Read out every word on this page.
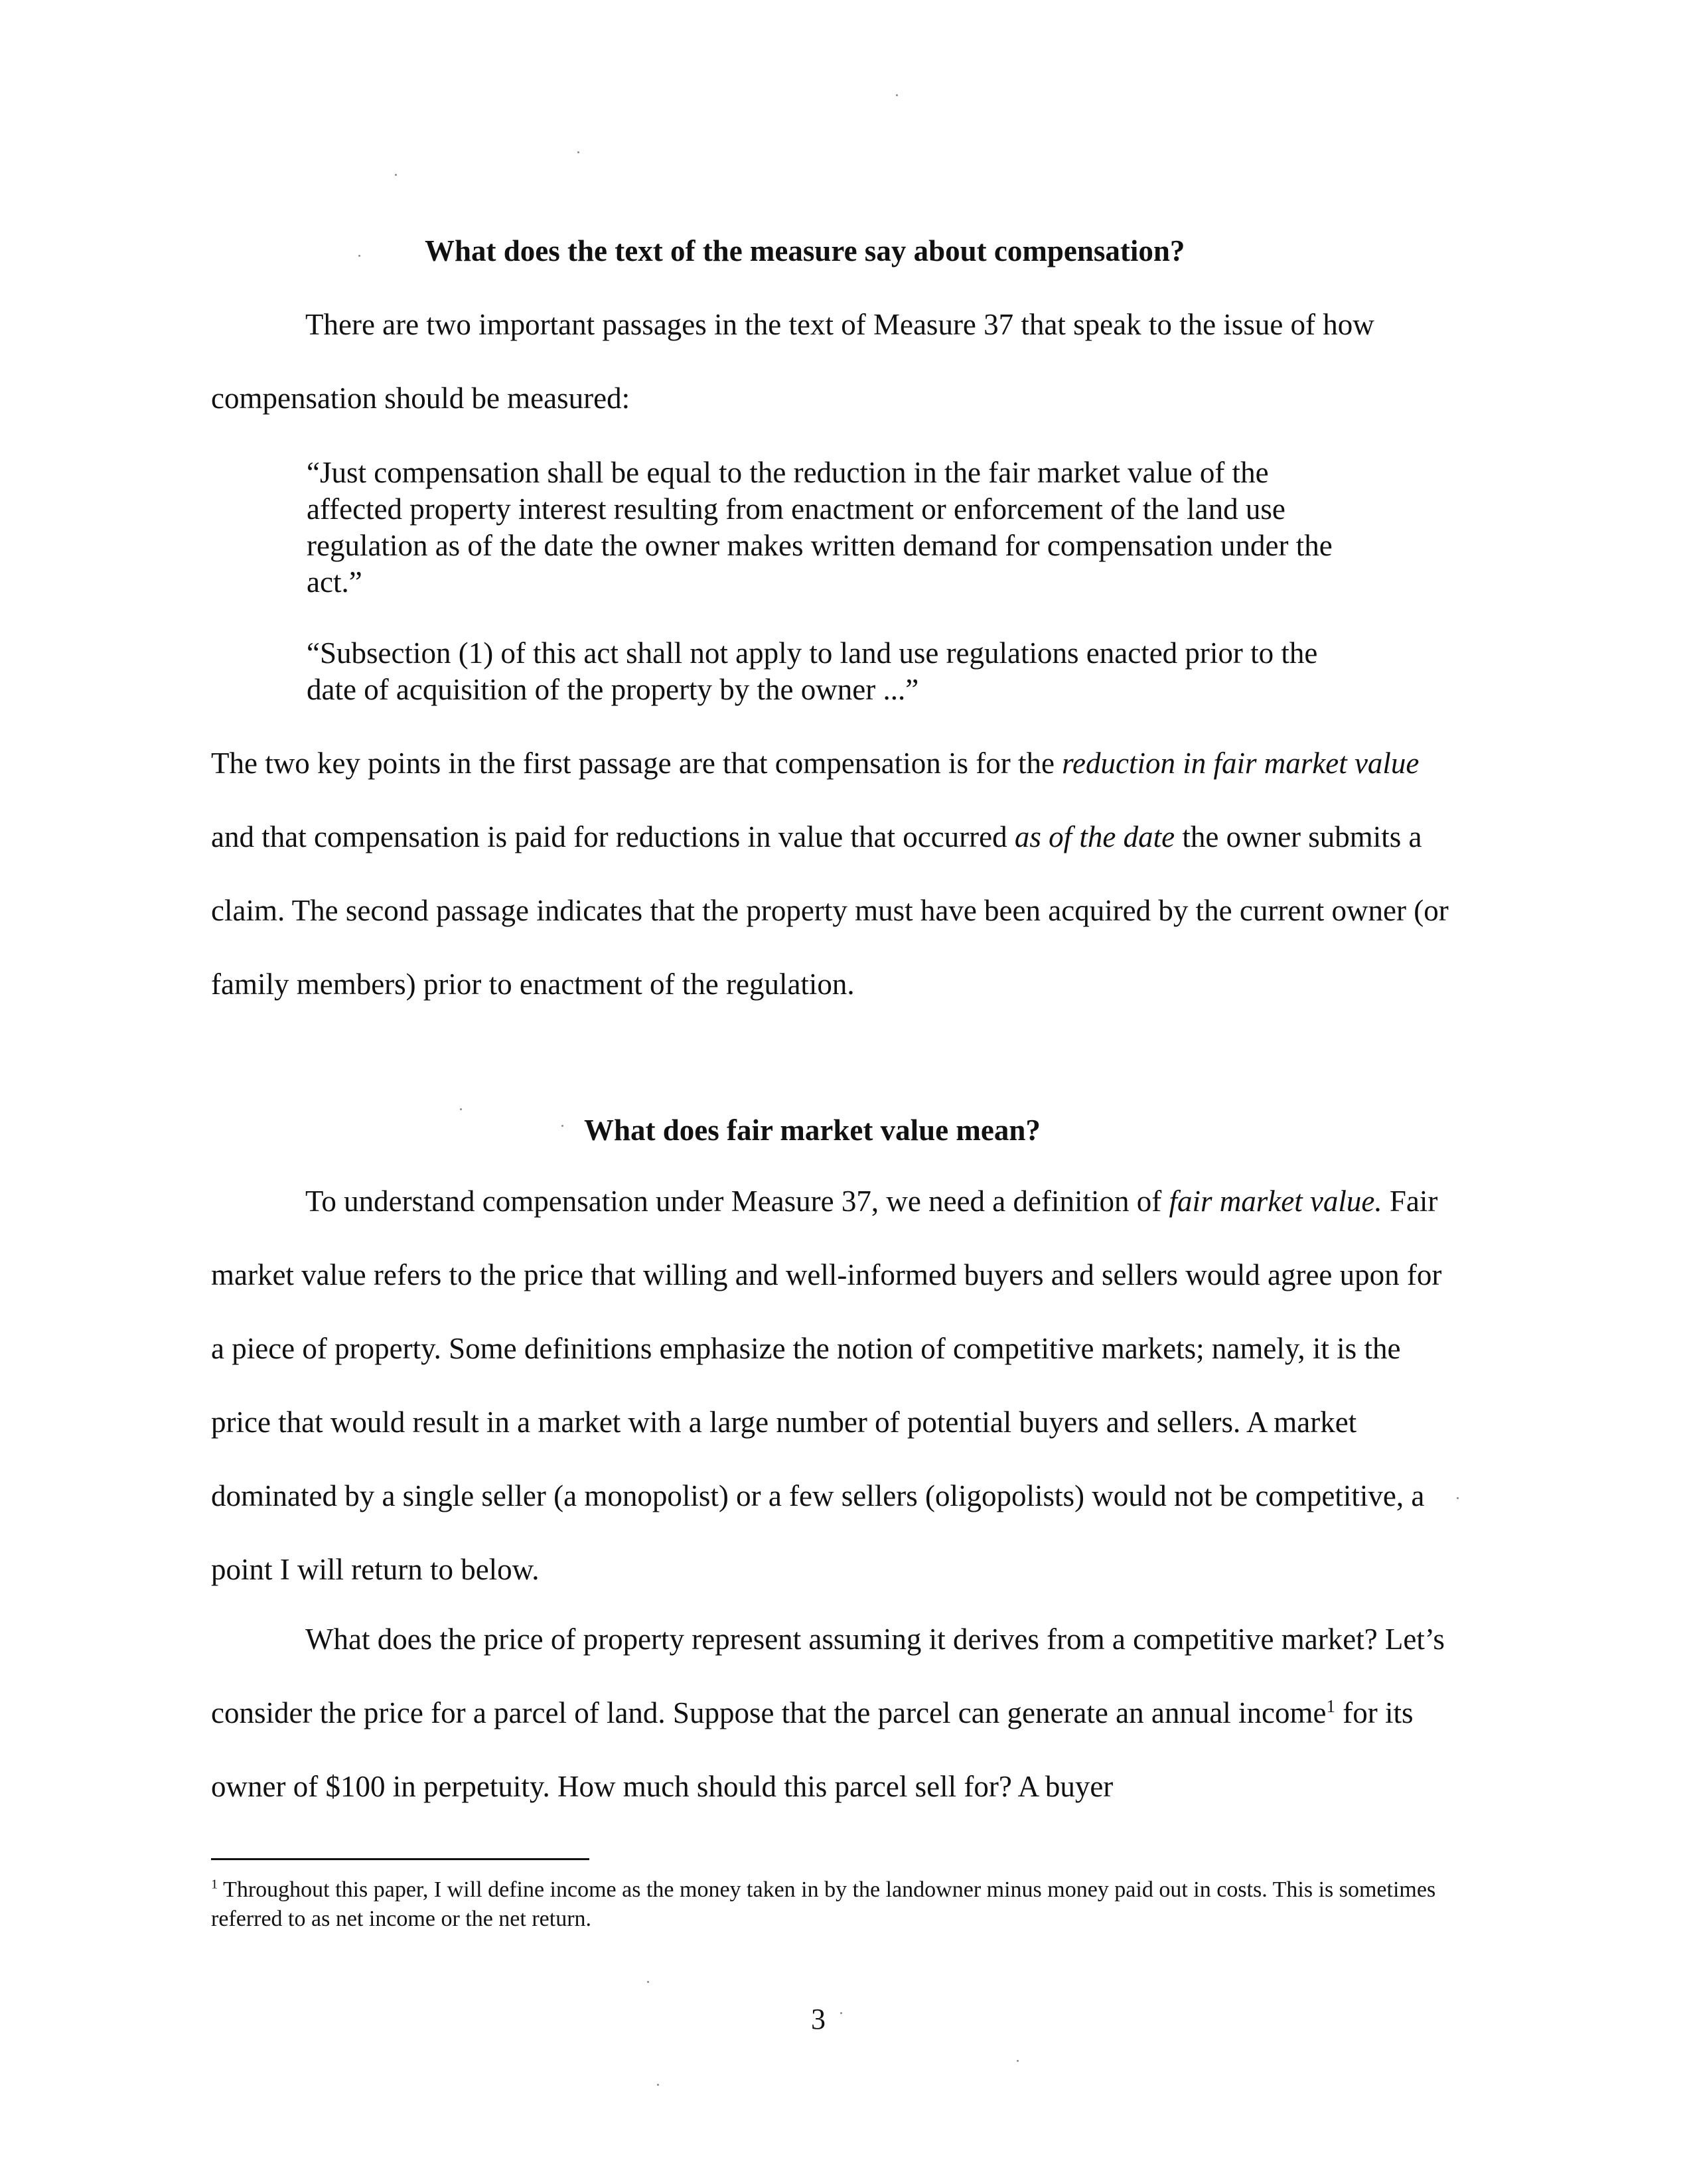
What does the text of the measure say about compensation?

There are two important passages in the text of Measure 37 that speak to the issue of how compensation should be measured:

“Just compensation shall be equal to the reduction in the fair market value of the affected property interest resulting from enactment or enforcement of the land use regulation as of the date the owner makes written demand for compensation under the act.”

“Subsection (1) of this act shall not apply to land use regulations enacted prior to the date of acquisition of the property by the owner ...”

The two key points in the first passage are that compensation is for the reduction in fair market value and that compensation is paid for reductions in value that occurred as of the date the owner submits a claim. The second passage indicates that the property must have been acquired by the current owner (or family members) prior to enactment of the regulation.

What does fair market value mean?

To understand compensation under Measure 37, we need a definition of fair market value. Fair market value refers to the price that willing and well-informed buyers and sellers would agree upon for a piece of property. Some definitions emphasize the notion of competitive markets; namely, it is the price that would result in a market with a large number of potential buyers and sellers. A market dominated by a single seller (a monopolist) or a few sellers (oligopolists) would not be competitive, a point I will return to below.

What does the price of property represent assuming it derives from a competitive market? Let’s consider the price for a parcel of land. Suppose that the parcel can generate an annual income$^1$ for its owner of $100 in perpetuity. How much should this parcel sell for? A buyer

$^1$ Throughout this paper, I will define income as the money taken in by the landowner minus money paid out in costs. This is sometimes referred to as net income or the net return.

3
